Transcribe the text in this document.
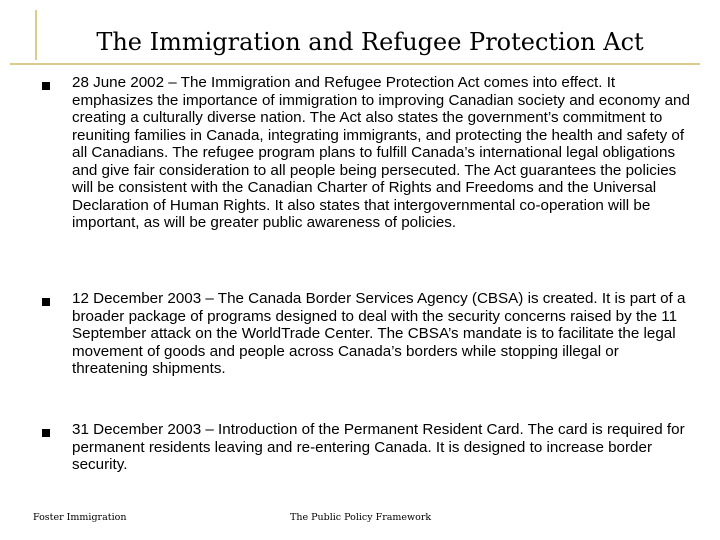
The Immigration and Refugee Protection Act

28 June 2002 – The Immigration and Refugee Protection Act comes into effect. It emphasizes the importance of immigration to improving Canadian society and economy and creating a culturally diverse nation. The Act also states the government’s commitment to reuniting families in Canada, integrating immigrants, and protecting the health and safety of all Canadians. The refugee program plans to fulfill Canada’s international legal obligations and give fair consideration to all people being persecuted. The Act guarantees the policies will be consistent with the Canadian Charter of Rights and Freedoms and the Universal Declaration of Human Rights. It also states that intergovernmental co-operation will be important, as will be greater public awareness of policies.

12 December 2003 – The Canada Border Services Agency (CBSA) is created. It is part of a broader package of programs designed to deal with the security concerns raised by the 11 September attack on the WorldTrade Center. The CBSA’s mandate is to facilitate the legal movement of goods and people across Canada’s borders while stopping illegal or threatening shipments.

31 December 2003 – Introduction of the Permanent Resident Card. The card is required for permanent residents leaving and re-entering Canada. It is designed to increase border security.

Foster Immigration	The Public Policy Framework
